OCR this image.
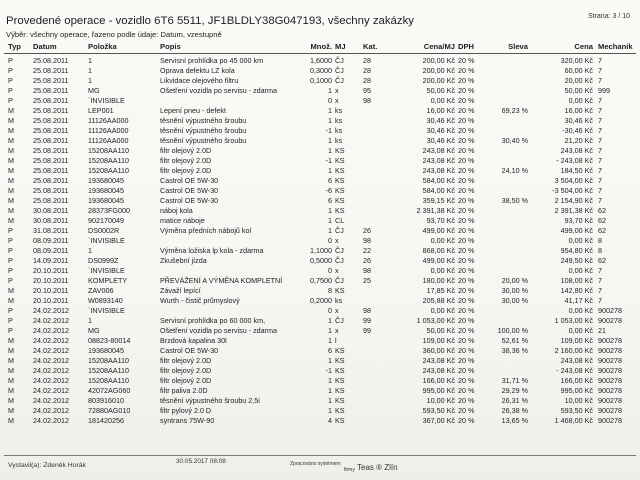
Provedené operace - vozidlo 6T6 5511, JF1BLDLY38G047193, všechny zakázky	Strana: 3 / 10
Výběr: všechny operace, řazeno podle údaje: Datum, vzestupně
Typ	Datum	Položka	Popis	Množ. MJ	Kat.	Cena/MJ DPH	Sleva	Cena Mechanik
P	25.08.2011	1	Servisní prohlídka po 45 000 km	1,6000 ČJ	28	200,00 Kč 20 %	320,00 Kč 7
P	25.08.2011	1	Oprava defektu LZ kola	0,3000 ČJ	28	200,00 Kč 20 %	60,00 Kč 7
P	25.08.2011	1	Likvidace olejového filtru	0,1000 ČJ	28	200,00 Kč 20 %	20,00 Kč 7
P	25.08.2011	MG	Ošetření vozidla po servisu - zdarma	1 x	95	50,00 Kč 20 %	50,00 Kč 999
P	25.08.2011	`INVISIBLE	0 x	98	0,00 Kč 20 %	0,00 Kč 7
M	25.08.2011	LEP001	Lepení pneu - defekt	1 ks	16,00 Kč 20 %	69,23 %	16,00 Kč 7
M	25.08.2011	11126AA000	těsnění výpustného šroubu	1 ks	30,46 Kč 20 %	30,46 Kč 7
M	25.08.2011	11126AA000	těsnění výpustného šroubu	-1 ks	30,46 Kč 20 %	-30,46 Kč 7
M	25.08.2011	11126AA000	těsnění výpustného šroubu	1 ks	30,46 Kč 20 %	30,40 %	21,20 Kč 7
M	25.08.2011	15208AA110	filtr olejový 2.0D	1 KS	243,08 Kč 20 %	243,08 Kč 7
M	25.08.2011	15208AA110	filtr olejový 2.0D	-1 KS	243,08 Kč 20 %	- 243,08 Kč 7
M	25.08.2011	15208AA110	filtr olejový 2.0D	1 KS	243,08 Kč 20 %	24,10 %	184,50 Kč 7
M	25.08.2011	193680045	Castrol OE 5W-30	6 KS	584,00 Kč 20 %	3 504,00 Kč 7
M	25.08.2011	193680045	Castrol OE 5W-30	-6 KS	584,00 Kč 20 %	-3 504,00 Kč 7
M	25.08.2011	193680045	Castrol OE 5W-30	6 KS	359,15 Kč 20 %	38,50 %	2 154,90 Kč 7
M	30.08.2011	28373FG000	náboj kola	1 KS	2 391,38 Kč 20 %	2 391,38 Kč 62
M	30.08.2011	902170049	matice náboje	1 CL	93,70 Kč 20 %	93,70 Kč 62
P	31.08.2011	DS0002R	Výměna předních nábojů kol	1 ČJ	26	499,00 Kč 20 %	499,00 Kč 62
P	08.09.2011	`INVISIBLE	0 x	98	0,00 Kč 20 %	0,00 Kč 8
P	08.09.2011	1	Výměna ložiska lp kola - zdarma	1,1000 ČJ	22	868,00 Kč 20 %	954,80 Kč 8
P	14.09.2011	DS0999Z	Zkušební jízda	0,5000 ČJ	26	499,00 Kč 20 %	249,50 Kč 62
P	20.10.2011	`INVISIBLE	0 x	98	0,00 Kč 20 %	0,00 Kč 7
P	20.10.2011	KOMPLETY	PŘEVÁŽENÍ A VÝMĚNA KOMPLETNÍ	0,7500 ČJ	25	180,00 Kč 20 %	20,00 %	108,00 Kč 7
M	20.10.2011	ZAV006	Závaží lepící	8 KS	17,85 Kč 20 %	30,00 %	142,80 Kč 7
M	20.10.2011	W0893140	Wurth - čistič průmyslový	0,2000 ks	205,88 Kč 20 %	30,00 %	41,17 Kč 7
P	24.02.2012	`INVISIBLE	0 x	98	0,00 Kč 20 %	0,00 Kč 900278
P	24.02.2012	1	Servisní prohlídka po 60 000 km,	1 ČJ	99	1 053,00 Kč 20 %	1 053,00 Kč 900278
P	24.02.2012	MG	Ošetření vozidla po servisu - zdarma	1 x	99	50,00 Kč 20 %	100,00 %	0,00 Kč 21
M	24.02.2012	08823-80014	Brzdová kapalina 30l	1 l	109,00 Kč 20 %	52,61 %	109,00 Kč 900278
M	24.02.2012	193680045	Castrol OE 5W-30	6 KS	360,00 Kč 20 %	38,36 %	2 160,00 Kč 900278
M	24.02.2012	15208AA110	filtr olejový 2.0D	1 KS	243,08 Kč 20 %	243,08 Kč 900278
M	24.02.2012	15208AA110	filtr olejový 2.0D	-1 KS	243,08 Kč 20 %	- 243,08 Kč 900278
M	24.02.2012	15208AA110	filtr olejový 2.0D	1 KS	166,00 Kč 20 %	31,71 %	166,00 Kč 900278
M	24.02.2012	42072AG060	filtr paliva 2.0D	1 KS	995,00 Kč 20 %	29,29 %	995,00 Kč 900278
M	24.02.2012	803916010	těsnění výpustného šroubu 2,5i	1 KS	10,00 Kč 20 %	26,31 %	10,00 Kč 900278
M	24.02.2012	72880AG010	filtr pylový 2.0 D	1 KS	593,50 Kč 20 %	26,38 %	593,50 Kč 900278
M	24.02.2012	181420256	syntrans 75W-90	4 KS	367,00 Kč 20 %	13,65 %	1 468,00 Kč 900278
Vystavil(a): Zdeněk Horák
30.05.2017 08:08	Zpracováno systémem
firmy Teas ® Zlín
